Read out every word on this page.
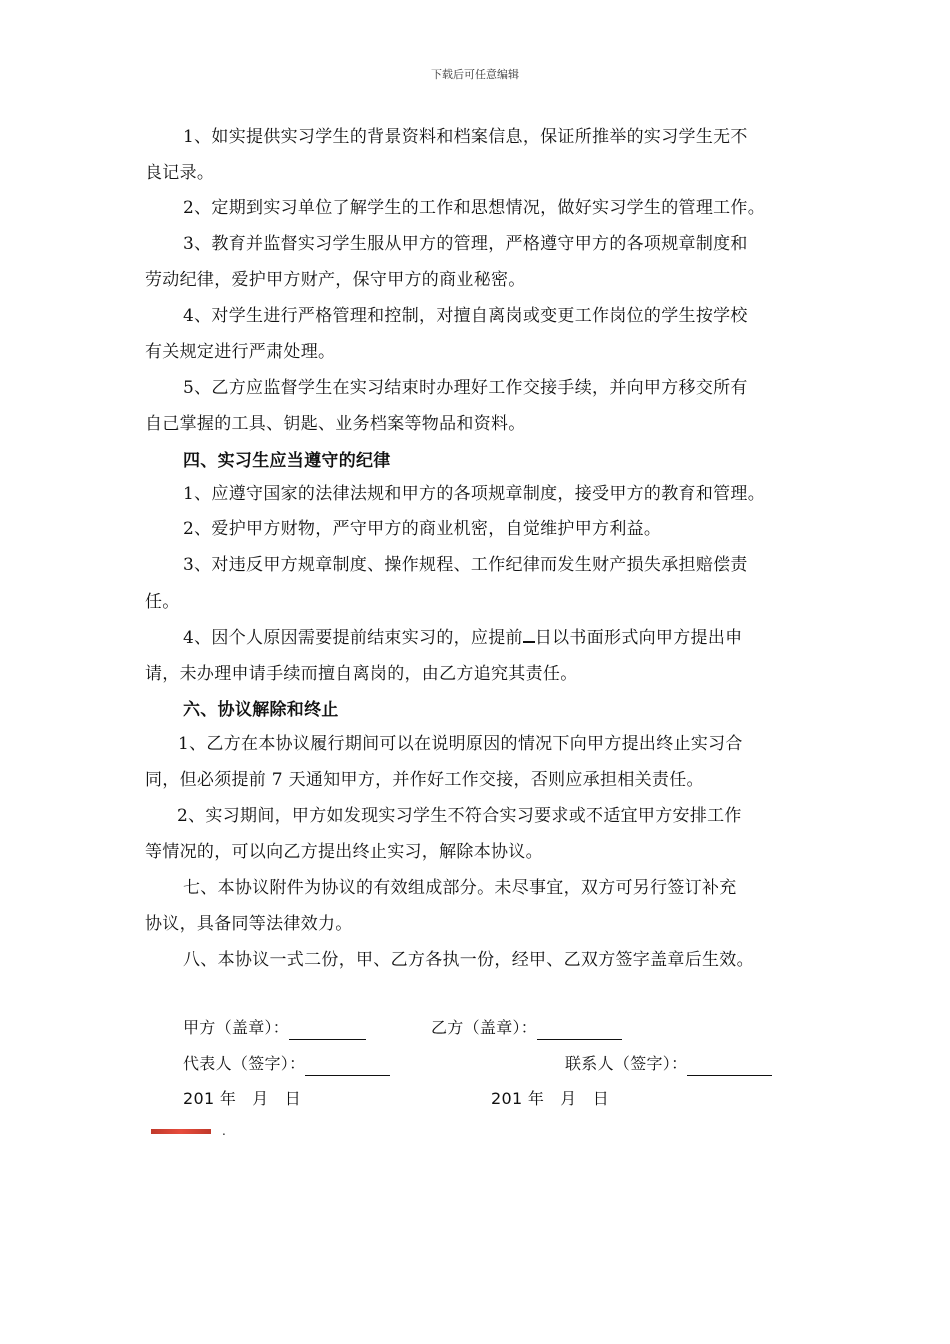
下载后可任意编辑
1、如实提供实习学生的背景资料和档案信息，保证所推举的实习学生无不
良记录。
2、定期到实习单位了解学生的工作和思想情况，做好实习学生的管理工作。
3、教育并监督实习学生服从甲方的管理，严格遵守甲方的各项规章制度和
劳动纪律，爱护甲方财产，保守甲方的商业秘密。
4、对学生进行严格管理和控制，对擅自离岗或变更工作岗位的学生按学校
有关规定进行严肃处理。
5、乙方应监督学生在实习结束时办理好工作交接手续，并向甲方移交所有
自己掌握的工具、钥匙、业务档案等物品和资料。
四、实习生应当遵守的纪律
1、应遵守国家的法律法规和甲方的各项规章制度，接受甲方的教育和管理。
2、爱护甲方财物，严守甲方的商业机密，自觉维护甲方利益。
3、对违反甲方规章制度、操作规程、工作纪律而发生财产损失承担赔偿责
任。
4、因个人原因需要提前结束实习的，应提前 日以书面形式向甲方提出申
请，未办理申请手续而擅自离岗的，由乙方追究其责任。
六、协议解除和终止
1、乙方在本协议履行期间可以在说明原因的情况下向甲方提出终止实习合
同，但必须提前 7 天通知甲方，并作好工作交接，否则应承担相关责任。
2、实习期间，甲方如发现实习学生不符合实习要求或不适宜甲方安排工作
等情况的，可以向乙方提出终止实习，解除本协议。
七、本协议附件为协议的有效组成部分。未尽事宜，双方可另行签订补充
协议，具备同等法律效力。
八、本协议一式二份，甲、乙方各执一份，经甲、乙双方签字盖章后生效。
甲方（盖章）：	乙方（盖章）：
代表人（签字）：	联系人（签字）：
201 年   月   日	201 年   月   日
.
